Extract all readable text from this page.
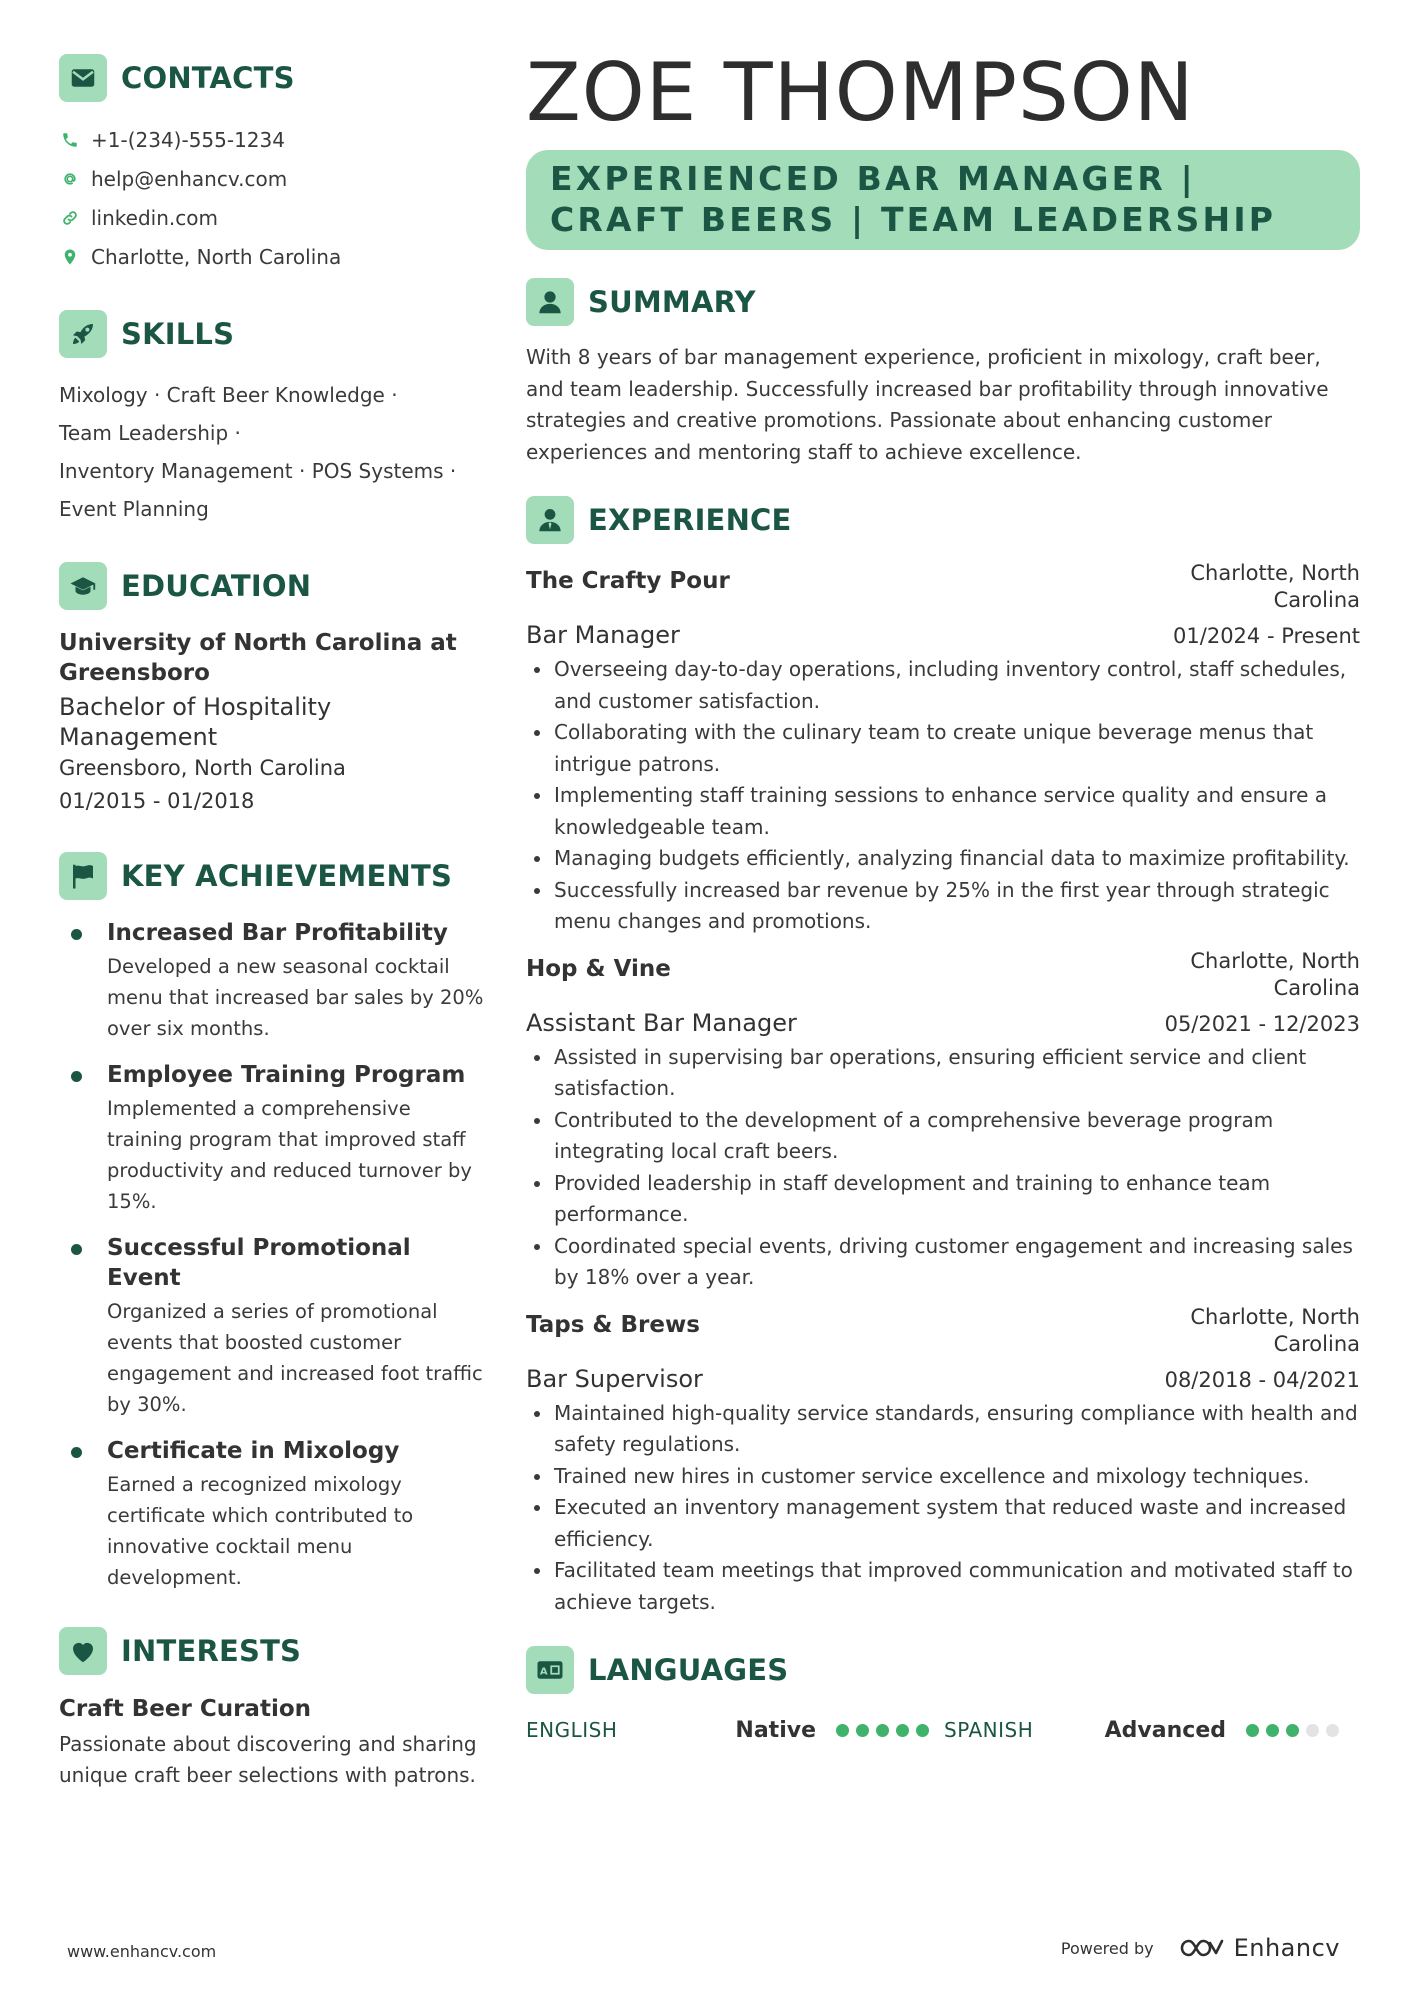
CONTACTS
+1-(234)-555-1234
help@enhancv.com
linkedin.com
Charlotte, North Carolina
SKILLS
Mixology · Craft Beer Knowledge ·
Team Leadership ·
Inventory Management · POS Systems ·
Event Planning
EDUCATION
University of North Carolina at Greensboro
Bachelor of Hospitality Management
Greensboro, North Carolina
01/2015 - 01/2018
KEY ACHIEVEMENTS
Increased Bar Profitability
Developed a new seasonal cocktail menu that increased bar sales by 20% over six months.
Employee Training Program
Implemented a comprehensive training program that improved staff productivity and reduced turnover by 15%.
Successful Promotional Event
Organized a series of promotional events that boosted customer engagement and increased foot traffic by 30%.
Certificate in Mixology
Earned a recognized mixology certificate which contributed to innovative cocktail menu development.
INTERESTS
Craft Beer Curation
Passionate about discovering and sharing unique craft beer selections with patrons.
ZOE THOMPSON
EXPERIENCED BAR MANAGER | CRAFT BEERS | TEAM LEADERSHIP
SUMMARY
With 8 years of bar management experience, proficient in mixology, craft beer, and team leadership. Successfully increased bar profitability through innovative strategies and creative promotions. Passionate about enhancing customer experiences and mentoring staff to achieve excellence.
EXPERIENCE
The Crafty Pour	Charlotte, North Carolina
Bar Manager	01/2024 - Present
Overseeing day-to-day operations, including inventory control, staff schedules, and customer satisfaction.
Collaborating with the culinary team to create unique beverage menus that intrigue patrons.
Implementing staff training sessions to enhance service quality and ensure a knowledgeable team.
Managing budgets efficiently, analyzing financial data to maximize profitability.
Successfully increased bar revenue by 25% in the first year through strategic menu changes and promotions.
Hop & Vine	Charlotte, North Carolina
Assistant Bar Manager	05/2021 - 12/2023
Assisted in supervising bar operations, ensuring efficient service and client satisfaction.
Contributed to the development of a comprehensive beverage program integrating local craft beers.
Provided leadership in staff development and training to enhance team performance.
Coordinated special events, driving customer engagement and increasing sales by 18% over a year.
Taps & Brews	Charlotte, North Carolina
Bar Supervisor	08/2018 - 04/2021
Maintained high-quality service standards, ensuring compliance with health and safety regulations.
Trained new hires in customer service excellence and mixology techniques.
Executed an inventory management system that reduced waste and increased efficiency.
Facilitated team meetings that improved communication and motivated staff to achieve targets.
A LANGUAGES
ENGLISH	Native	SPANISH	Advanced
www.enhancv.com	Powered by	Enhancv
